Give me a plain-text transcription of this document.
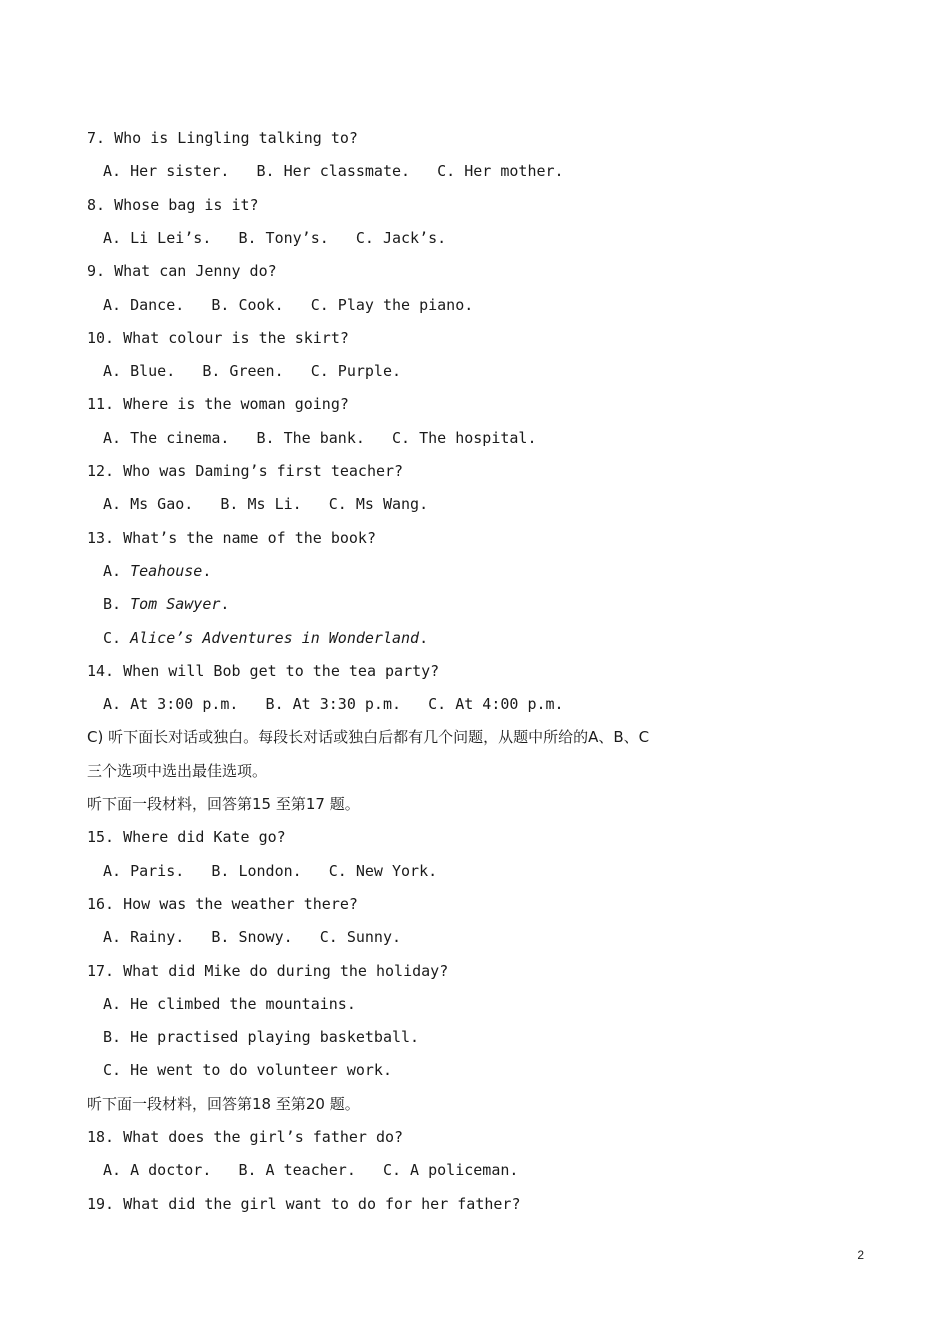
7. Who is Lingling talking to?
A. Her sister.   B. Her classmate.   C. Her mother.
8. Whose bag is it?
A. Li Lei’s.   B. Tony’s.   C. Jack’s.
9. What can Jenny do?
A. Dance.   B. Cook.   C. Play the piano.
10. What colour is the skirt?
A. Blue.   B. Green.   C. Purple.
11. Where is the woman going?
A. The cinema.   B. The bank.   C. The hospital.
12. Who was Daming’s first teacher?
A. Ms Gao.   B. Ms Li.   C. Ms Wang.
13. What’s the name of the book?
A. Teahouse.
B. Tom Sawyer.
C. Alice’s Adventures in Wonderland.
14. When will Bob get to the tea party?
A. At 3:00 p.m.   B. At 3:30 p.m.   C. At 4:00 p.m.
C) 听下面长对话或独白。每段长对话或独白后都有几个问题，从题中所给的A、B、C
三个选项中选出最佳选项。
听下面一段材料，回答第15 至第17 题。
15. Where did Kate go?
A. Paris.   B. London.   C. New York.
16. How was the weather there?
A. Rainy.   B. Snowy.   C. Sunny.
17. What did Mike do during the holiday?
A. He climbed the mountains.
B. He practised playing basketball.
C. He went to do volunteer work.
听下面一段材料，回答第18 至第20 题。
18. What does the girl’s father do?
A. A doctor.   B. A teacher.   C. A policeman.
19. What did the girl want to do for her father?
2
